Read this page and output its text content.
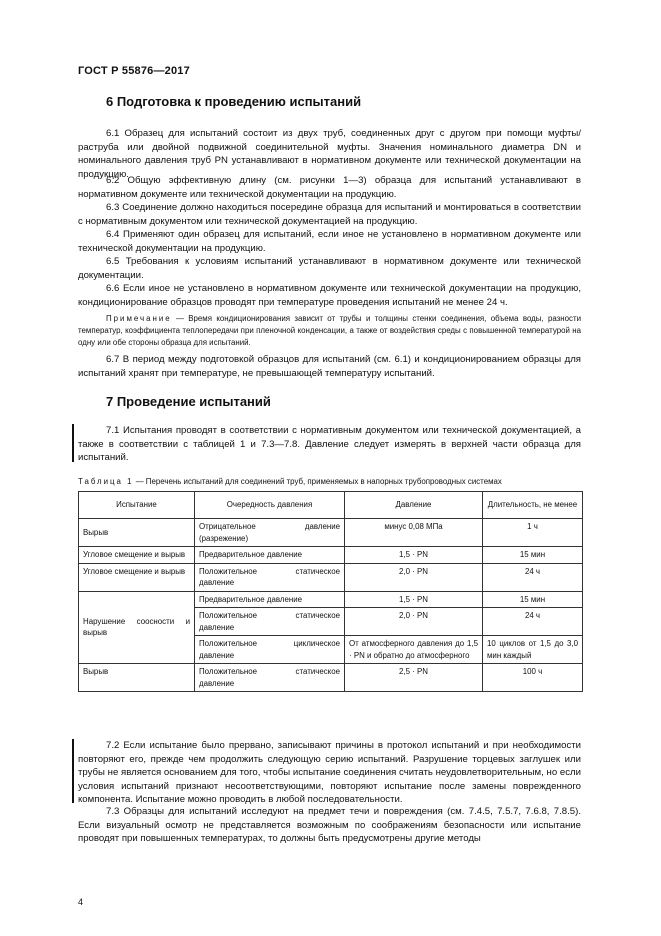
ГОСТ Р 55876—2017
6 Подготовка к проведению испытаний

6.1 Образец для испытаний состоит из двух труб, соединенных друг с другом при помощи муфты/раструба или двойной подвижной соединительной муфты. Значения номинального диаметра DN и номинального давления труб PN устанавливают в нормативном документе или технической документации на продукцию.

6.2 Общую эффективную длину (см. рисунки 1—3) образца для испытаний устанавливают в нормативном документе или технической документации на продукцию.

6.3 Соединение должно находиться посередине образца для испытаний и монтироваться в соответствии с нормативным документом или технической документацией на продукцию.

6.4 Применяют один образец для испытаний, если иное не установлено в нормативном документе или технической документации на продукцию.

6.5 Требования к условиям испытаний устанавливают в нормативном документе или технической документации.

6.6 Если иное не установлено в нормативном документе или технической документации на продукцию, кондиционирование образцов проводят при температуре проведения испытаний не менее 24 ч.

Примечание — Время кондиционирования зависит от трубы и толщины стенки соединения, объема воды, разности температур, коэффициента теплопередачи при пленочной конденсации, а также от воздействия среды с повышенной температурой на одну или обе стороны образца для испытаний.

6.7 В период между подготовкой образцов для испытаний (см. 6.1) и кондиционированием образцы для испытаний хранят при температуре, не превышающей температуру испытаний.

7 Проведение испытаний

7.1 Испытания проводят в соответствии с нормативным документом или технической документацией, а также в соответствии с таблицей 1 и 7.3—7.8. Давление следует измерять в верхней части образца для испытаний.

Таблица 1 — Перечень испытаний для соединений труб, применяемых в напорных трубопроводных системах
Испытание	Очередность давления	Давление	Длительность, не менее
Вырыв	Отрицательное давление (разрежение)	минус 0,08 МПа	1 ч
Угловое смещение и вырыв	Предварительное давление	1,5 · PN	15 мин
Угловое смещение и вырыв	Положительное статическое давление	2,0 · PN	24 ч
Нарушение соосности и вырыв	Предварительное давление	1,5 · PN	15 мин
	Положительное статическое давление	2,0 · PN	24 ч
	Положительное циклическое давление	От атмосферного давления до 1,5 · PN и обратно до атмосферного	10 циклов от 1,5 до 3,0 мин каждый
Вырыв	Положительное статическое давление	2,5 · PN	100 ч

7.2 Если испытание было прервано, записывают причины в протокол испытаний и при необходимости повторяют его, прежде чем продолжить следующую серию испытаний. Разрушение торцевых заглушек или трубы не является основанием для того, чтобы испытание соединения считать неудовлетворительным, но если условия испытаний признают несоответствующими, повторяют испытание после замены поврежденного компонента. Испытание можно проводить в любой последовательности.

7.3 Образцы для испытаний исследуют на предмет течи и повреждения (см. 7.4.5, 7.5.7, 7.6.8, 7.8.5). Если визуальный осмотр не представляется возможным по соображениям безопасности или испытание проводят при повышенных температурах, то должны быть предусмотрены другие методы

4
